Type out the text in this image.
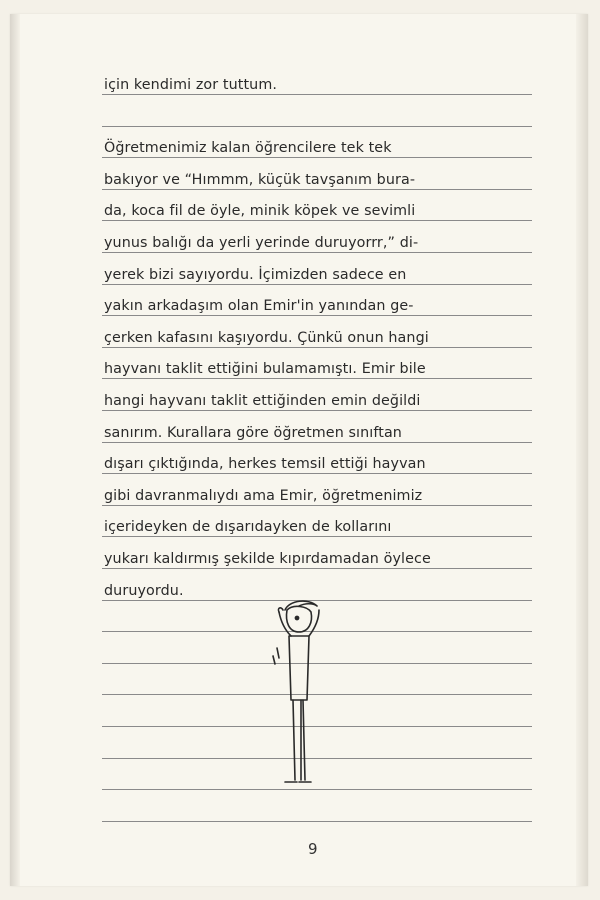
için kendimi zor tuttum.
Öğretmenimiz kalan öğrencilere tek tek
bakıyor ve “Hımmm, küçük tavşanım bura-
da, koca fil de öyle, minik köpek ve sevimli
yunus balığı da yerli yerinde duruyorrr,” di-
yerek bizi sayıyordu. İçimizden sadece en
yakın arkadaşım olan Emir'in yanından ge-
çerken kafasını kaşıyordu. Çünkü onun hangi
hayvanı taklit ettiğini bulamamıştı. Emir bile
hangi hayvanı taklit ettiğinden emin değildi
sanırım. Kurallara göre öğretmen sınıftan
dışarı çıktığında, herkes temsil ettiği hayvan
gibi davranmalıydı ama Emir, öğretmenimiz
içerideyken de dışarıdayken de kollarını
yukarı kaldırmış şekilde kıpırdamadan öylece
duruyordu.
9
